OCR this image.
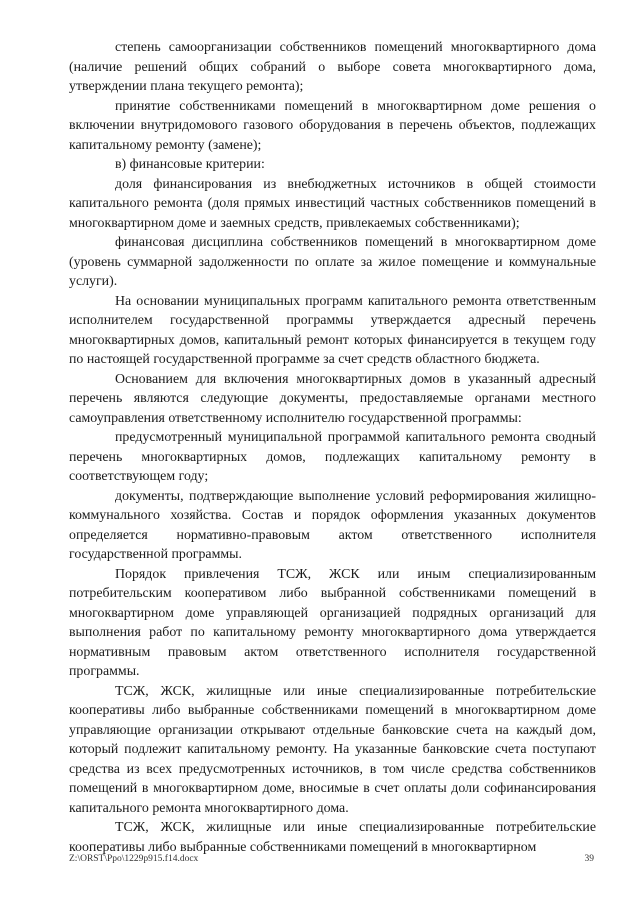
степень самоорганизации собственников помещений многоквартирного дома (наличие решений общих собраний о выборе совета многоквартирного дома, утверждении плана текущего ремонта);

принятие собственниками помещений в многоквартирном доме решения о включении внутридомового газового оборудования в перечень объектов, подлежащих капитальному ремонту (замене);

в) финансовые критерии:

доля финансирования из внебюджетных источников в общей стоимости капитального ремонта (доля прямых инвестиций частных собственников помещений в многоквартирном доме и заемных средств, привлекаемых собственниками);

финансовая дисциплина собственников помещений в многоквартирном доме (уровень суммарной задолженности по оплате за жилое помещение и коммунальные услуги).

На основании муниципальных программ капитального ремонта ответственным исполнителем государственной программы утверждается адресный перечень многоквартирных домов, капитальный ремонт которых финансируется в текущем году по настоящей государственной программе за счет средств областного бюджета.

Основанием для включения многоквартирных домов в указанный адресный перечень являются следующие документы, предоставляемые органами местного самоуправления ответственному исполнителю государственной программы:

предусмотренный муниципальной программой капитального ремонта сводный перечень многоквартирных домов, подлежащих капитальному ремонту в соответствующем году;

документы, подтверждающие выполнение условий реформирования жилищно-коммунального хозяйства. Состав и порядок оформления указанных документов определяется нормативно-правовым актом ответственного исполнителя государственной программы.

Порядок привлечения ТСЖ, ЖСК или иным специализированным потребительским кооперативом либо выбранной собственниками помещений в многоквартирном доме управляющей организацией подрядных организаций для выполнения работ по капитальному ремонту многоквартирного дома утверждается нормативным правовым актом ответственного исполнителя государственной программы.

ТСЖ, ЖСК, жилищные или иные специализированные потребительские кооперативы либо выбранные собственниками помещений в многоквартирном доме управляющие организации открывают отдельные банковские счета на каждый дом, который подлежит капитальному ремонту. На указанные банковские счета поступают средства из всех предусмотренных источников, в том числе средства собственников помещений в многоквартирном доме, вносимые в счет оплаты доли софинансирования капитального ремонта многоквартирного дома.

ТСЖ, ЖСК, жилищные или иные специализированные потребительские кооперативы либо выбранные собственниками помещений в многоквартирном

Z:\ORST\Ppo\1229p915.f14.docx	39
